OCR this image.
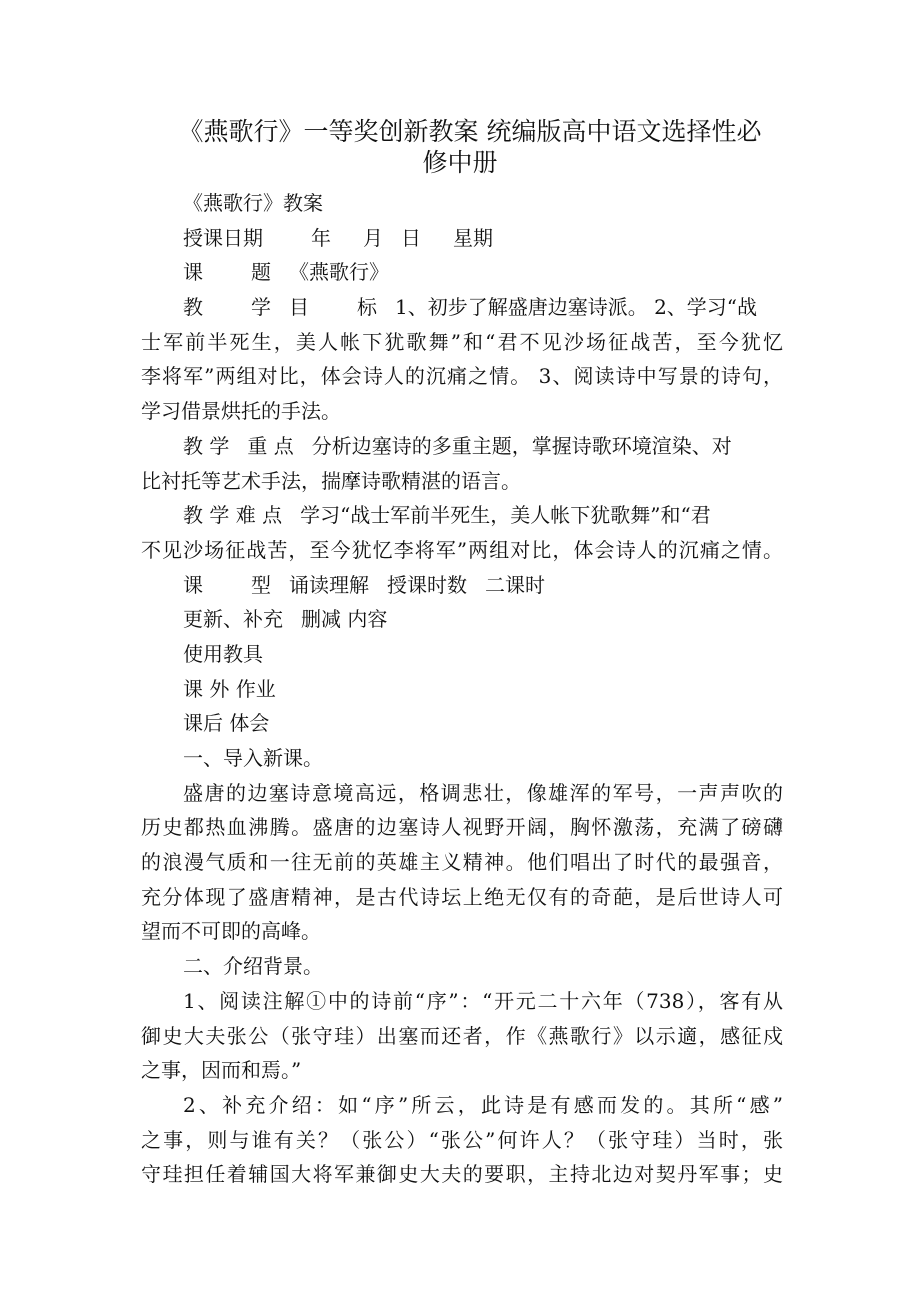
《燕歌行》一等奖创新教案 统编版高中语文选择性必
修中册
《燕歌行》教案
授课日期 年 月 日 星期
课 题 《燕歌行》
教 学 目 标 1、初步了解盛唐边塞诗派。 2、学习“战
士军前半死生，美人帐下犹歌舞”和“君不见沙场征战苦，至今犹忆
李将军”两组对比，体会诗人的沉痛之情。 3、阅读诗中写景的诗句，
学习借景烘托的手法。
教 学 重 点 分析边塞诗的多重主题，掌握诗歌环境渲染、对
比衬托等艺术手法，揣摩诗歌精湛的语言。
教 学 难 点 学习“战士军前半死生，美人帐下犹歌舞”和“君
不见沙场征战苦，至今犹忆李将军”两组对比，体会诗人的沉痛之情。
课 型 诵读理解 授课时数 二课时
更新、补充 删减 内容
使用教具
课 外 作业
课后 体会
一、导入新课。
盛唐的边塞诗意境高远，格调悲壮，像雄浑的军号，一声声吹的
历史都热血沸腾。盛唐的边塞诗人视野开阔，胸怀激荡，充满了磅礴
的浪漫气质和一往无前的英雄主义精神。他们唱出了时代的最强音，
充分体现了盛唐精神，是古代诗坛上绝无仅有的奇葩，是后世诗人可
望而不可即的高峰。
二、介绍背景。
1、阅读注解①中的诗前“序”：“开元二十六年（738），客有从
御史大夫张公（张守珪）出塞而还者，作《燕歌行》以示適，感征戍
之事，因而和焉。”
2、补充介绍：如“序”所云，此诗是有感而发的。其所“感”
之事，则与谁有关？（张公）“张公”何许人？（张守珪）当时，张
守珪担任着辅国大将军兼御史大夫的要职，主持北边对契丹军事；史
